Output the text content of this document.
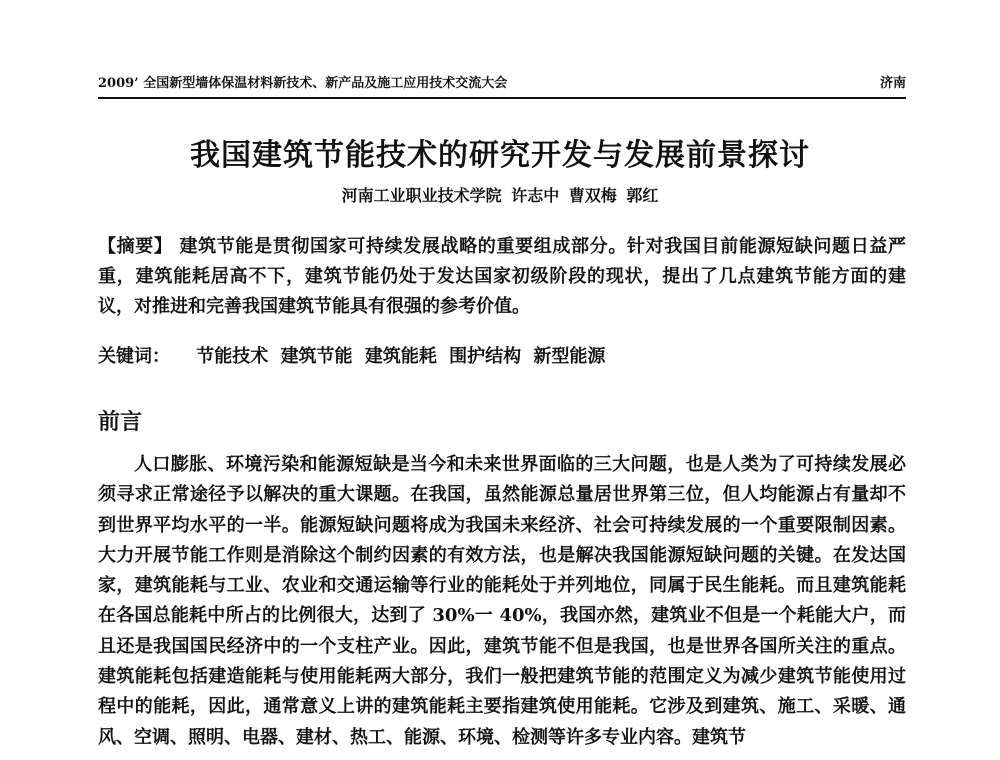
2009’ 全国新型墙体保温材料新技术、新产品及施工应用技术交流大会	济南
我国建筑节能技术的研究开发与发展前景探讨
河南工业职业技术学院 许志中 曹双梅 郭红
【摘要】 建筑节能是贯彻国家可持续发展战略的重要组成部分。针对我国目前能源短缺问题日益严重，建筑能耗居高不下，建筑节能仍处于发达国家初级阶段的现状，提出了几点建筑节能方面的建议，对推进和完善我国建筑节能具有很强的参考价值。
关键词： 节能技术 建筑节能 建筑能耗 围护结构 新型能源
前言

人口膨胀、环境污染和能源短缺是当今和未来世界面临的三大问题，也是人类为了可持续发展必须寻求正常途径予以解决的重大课题。在我国，虽然能源总量居世界第三位，但人均能源占有量却不到世界平均水平的一半。能源短缺问题将成为我国未来经济、社会可持续发展的一个重要限制因素。大力开展节能工作则是消除这个制约因素的有效方法，也是解决我国能源短缺问题的关键。在发达国家，建筑能耗与工业、农业和交通运输等行业的能耗处于并列地位，同属于民生能耗。而且建筑能耗在各国总能耗中所占的比例很大，达到了 30%一 40%，我国亦然，建筑业不但是一个耗能大户，而且还是我国国民经济中的一个支柱产业。因此，建筑节能不但是我国，也是世界各国所关注的重点。建筑能耗包括建造能耗与使用能耗两大部分，我们一般把建筑节能的范围定义为减少建筑节能使用过程中的能耗，因此，通常意义上讲的建筑能耗主要指建筑使用能耗。它涉及到建筑、施工、采暖、通风、空调、照明、电器、建材、热工、能源、环境、检测等许多专业内容。建筑节
